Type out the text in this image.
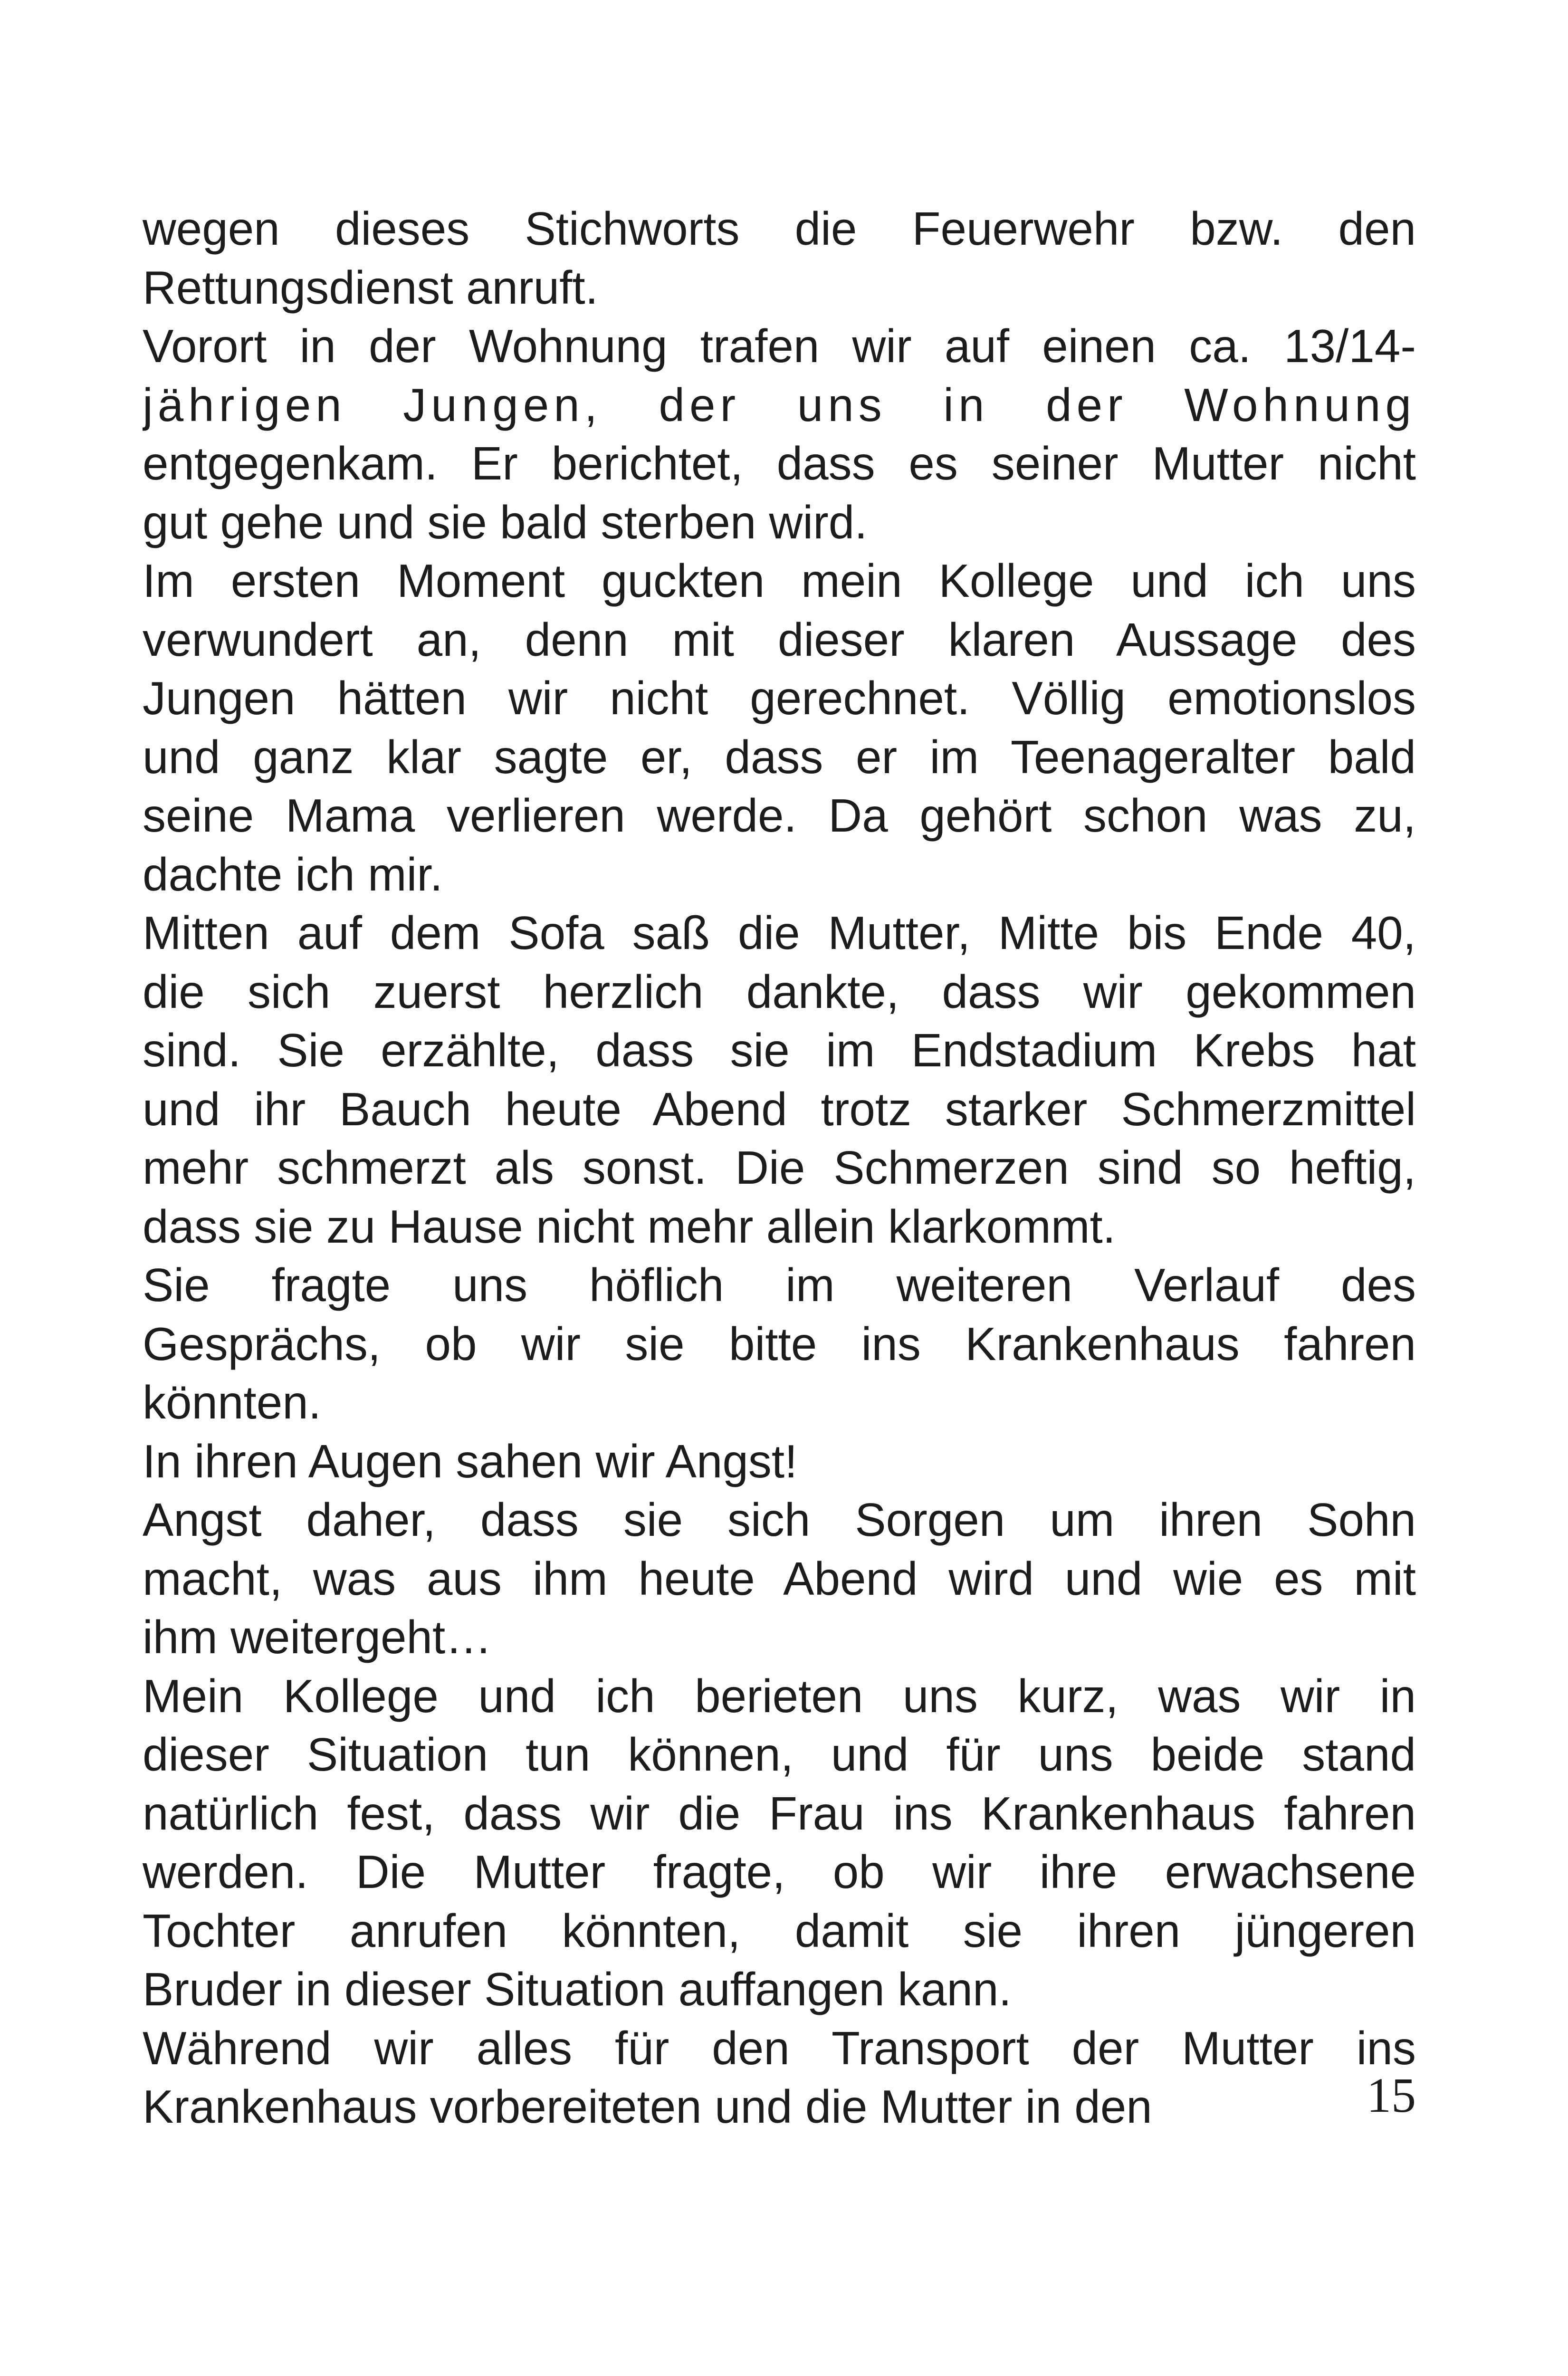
wegen dieses Stichworts die Feuerwehr bzw. den
Rettungsdienst anruft.

Vorort in der Wohnung trafen wir auf einen ca. 13/14-
jährigen Jungen, der uns in der Wohnung
entgegenkam. Er berichtet, dass es seiner Mutter nicht
gut gehe und sie bald sterben wird.

Im ersten Moment guckten mein Kollege und ich uns
verwundert an, denn mit dieser klaren Aussage des
Jungen hätten wir nicht gerechnet. Völlig emotionslos
und ganz klar sagte er, dass er im Teenageralter bald
seine Mama verlieren werde. Da gehört schon was zu,
dachte ich mir.

Mitten auf dem Sofa saß die Mutter, Mitte bis Ende 40,
die sich zuerst herzlich dankte, dass wir gekommen
sind. Sie erzählte, dass sie im Endstadium Krebs hat
und ihr Bauch heute Abend trotz starker Schmerzmittel
mehr schmerzt als sonst. Die Schmerzen sind so heftig,
dass sie zu Hause nicht mehr allein klarkommt.

Sie fragte uns höflich im weiteren Verlauf des
Gesprächs, ob wir sie bitte ins Krankenhaus fahren
könnten.

In ihren Augen sahen wir Angst!

Angst daher, dass sie sich Sorgen um ihren Sohn
macht, was aus ihm heute Abend wird und wie es mit
ihm weitergeht…

Mein Kollege und ich berieten uns kurz, was wir in
dieser Situation tun können, und für uns beide stand
natürlich fest, dass wir die Frau ins Krankenhaus fahren
werden. Die Mutter fragte, ob wir ihre erwachsene
Tochter anrufen könnten, damit sie ihren jüngeren
Bruder in dieser Situation auffangen kann.

Während wir alles für den Transport der Mutter ins
Krankenhaus vorbereiteten und die Mutter in den	15
